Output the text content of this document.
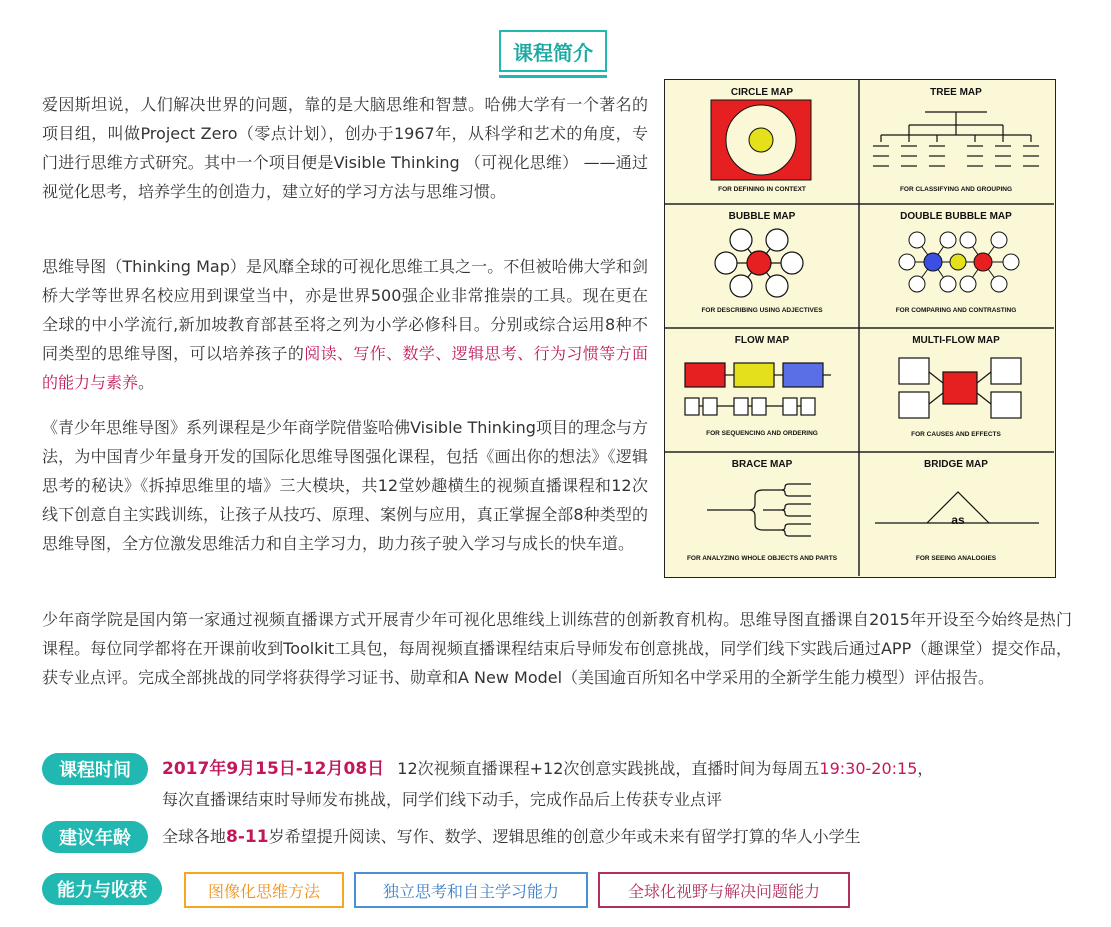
课程简介

爱因斯坦说，人们解决世界的问题，靠的是大脑思维和智慧。哈佛大学有一个著名的项目组，叫做Project Zero（零点计划），创办于1967年，从科学和艺术的角度，专门进行思维方式研究。其中一个项目便是Visible Thinking （可视化思维） ——通过视觉化思考，培养学生的创造力，建立好的学习方法与思维习惯。

思维导图（Thinking Map）是风靡全球的可视化思维工具之一。不但被哈佛大学和剑桥大学等世界名校应用到课堂当中，亦是世界500强企业非常推崇的工具。现在更在全球的中小学流行,新加坡教育部甚至将之列为小学必修科目。分别或综合运用8种不同类型的思维导图，可以培养孩子的阅读、写作、数学、逻辑思考、行为习惯等方面的能力与素养。

《青少年思维导图》系列课程是少年商学院借鉴哈佛Visible Thinking项目的理念与方法，为中国青少年量身开发的国际化思维导图强化课程，包括《画出你的想法》《逻辑思考的秘诀》《拆掉思维里的墙》三大模块，共12堂妙趣横生的视频直播课程和12次线下创意自主实践训练，让孩子从技巧、原理、案例与应用，真正掌握全部8种类型的思维导图，全方位激发思维活力和自主学习力，助力孩子驶入学习与成长的快车道。

CIRCLE MAP	TREE MAP
BUBBLE MAP	DOUBLE BUBBLE MAP
FLOW MAP	MULTI-FLOW MAP
BRACE MAP	BRIDGE MAP
FOR DEFINING IN CONTEXT	FOR CLASSIFYING AND GROUPING
FOR DESCRIBING USING ADJECTIVES	FOR COMPARING AND CONTRASTING
FOR SEQUENCING AND ORDERING	FOR CAUSES AND EFFECTS
FOR ANALYZING WHOLE OBJECTS AND PARTS	FOR SEEING ANALOGIES
as

少年商学院是国内第一家通过视频直播课方式开展青少年可视化思维线上训练营的创新教育机构。思维导图直播课自2015年开设至今始终是热门课程。每位同学都将在开课前收到Toolkit工具包，每周视频直播课程结束后导师发布创意挑战，同学们线下实践后通过APP（趣课堂）提交作品，获专业点评。完成全部挑战的同学将获得学习证书、勋章和A New Model（美国逾百所知名中学采用的全新学生能力模型）评估报告。

课程时间	2017年9月15日-12月08日 12次视频直播课程+12次创意实践挑战，直播时间为每周五19:30-20:15，
每次直播课结束时导师发布挑战，同学们线下动手，完成作品后上传获专业点评
建议年龄	全球各地8-11岁希望提升阅读、写作、数学、逻辑思维的创意少年或未来有留学打算的华人小学生
能力与收获	图像化思维方法	独立思考和自主学习能力	全球化视野与解决问题能力
